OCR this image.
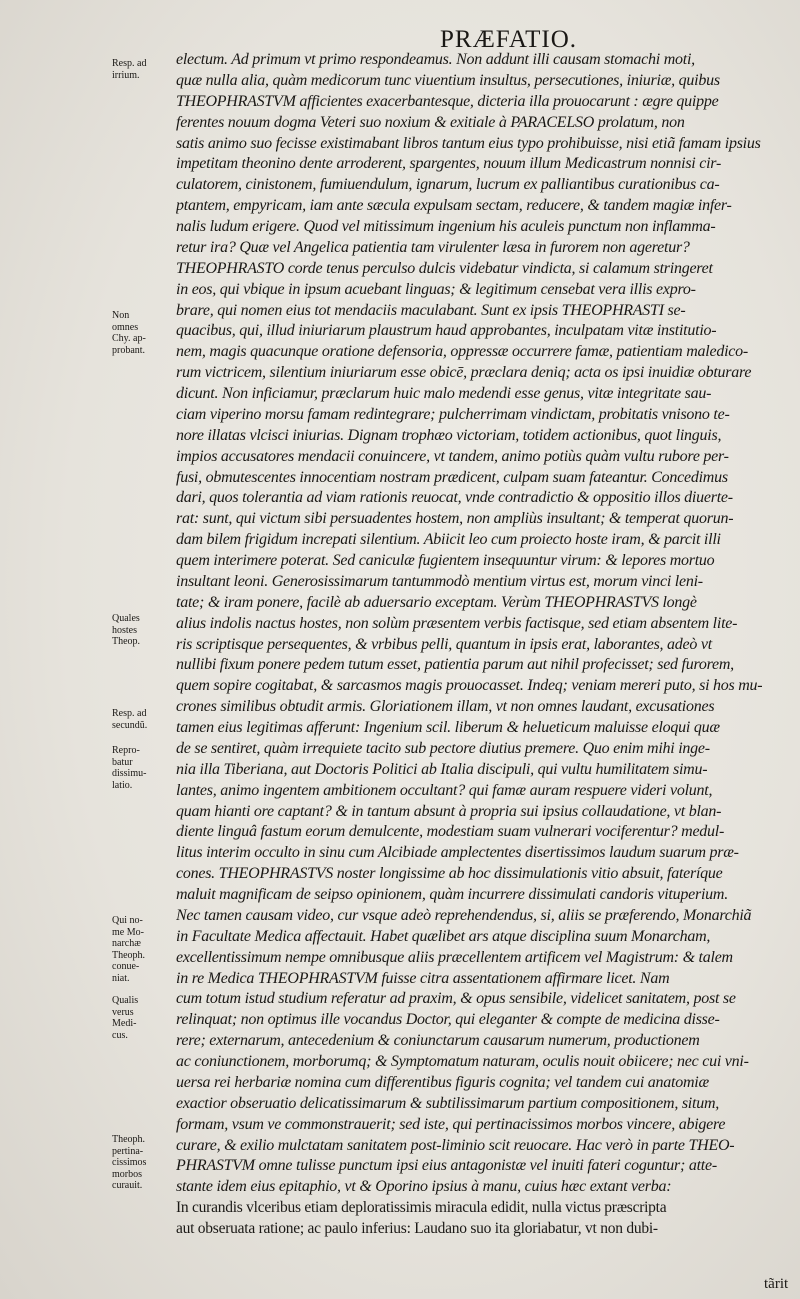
PRÆFATIO.
Resp. ad
irrium.
Non
omnes
Chy. ap-
probant.
Quales
hostes
Theop.
Resp. ad
secundũ.
Repro-
batur
dissimu-
latio.
Qui no-
me Mo-
narchæ
Theoph.
conue-
niat.
Qualis
verus
Medi-
cus.
Theoph.
pertina-
cissimos
morbos
curauit.
electum. Ad primum vt primo respondeamus. Non addunt illi causam stomachi moti,
quæ nulla alia, quàm medicorum tunc viuentium insultus, persecutiones, iniuriæ, quibus
THEOPHRASTVM afficientes exacerbantesque, dicteria illa prouocarunt : ægre quippe
ferentes nouum dogma Veteri suo noxium & exitiale à PARACELSO prolatum, non
satis animo suo fecisse existimabant libros tantum eius typo prohibuisse, nisi etiã famam ipsius
impetitam theonino dente arroderent, spargentes, nouum illum Medicastrum nonnisi cir-
culatorem, cinistonem, fumiuendulum, ignarum, lucrum ex palliantibus curationibus ca-
ptantem, empyricam, iam ante sæcula expulsam sectam, reducere, & tandem magiæ infer-
nalis ludum erigere. Quod vel mitissimum ingenium his aculeis punctum non inflamma-
retur ira? Quæ vel Angelica patientia tam virulenter læsa in furorem non ageretur?
THEOPHRASTO corde tenus perculso dulcis videbatur vindicta, si calamum stringeret
in eos, qui vbique in ipsum acuebant linguas; & legitimum censebat vera illis expro-
brare, qui nomen eius tot mendaciis maculabant. Sunt ex ipsis THEOPHRASTI se-
quacibus, qui, illud iniuriarum plaustrum haud approbantes, inculpatam vitæ institutio-
nem, magis quacunque oratione defensoria, oppressæ occurrere famæ, patientiam maledico-
rum victricem, silentium iniuriarum esse obicē, præclara deniq; acta os ipsi inuidiæ obturare
dicunt. Non inficiamur, præclarum huic malo medendi esse genus, vitæ integritate sau-
ciam viperino morsu famam redintegrare; pulcherrimam vindictam, probitatis vnisono te-
nore illatas vlcisci iniurias. Dignam trophæo victoriam, totidem actionibus, quot linguis,
impios accusatores mendacii conuincere, vt tandem, animo potiùs quàm vultu rubore per-
fusi, obmutescentes innocentiam nostram prædicent, culpam suam fateantur. Concedimus
dari, quos tolerantia ad viam rationis reuocat, vnde contradictio & oppositio illos diuerte-
rat: sunt, qui victum sibi persuadentes hostem, non ampliùs insultant; & temperat quorun-
dam bilem frigidum increpati silentium. Abiicit leo cum proiecto hoste iram, & parcit illi
quem interimere poterat. Sed caniculæ fugientem insequuntur virum: & lepores mortuo
insultant leoni. Generosissimarum tantummodò mentium virtus est, morum vinci leni-
tate; & iram ponere, facilè ab aduersario exceptam. Verùm THEOPHRASTVS longè
alius indolis nactus hostes, non solùm præsentem verbis factisque, sed etiam absentem lite-
ris scriptisque persequentes, & vrbibus pelli, quantum in ipsis erat, laborantes, adeò vt
nullibi fixum ponere pedem tutum esset, patientia parum aut nihil profecisset; sed furorem,
quem sopire cogitabat, & sarcasmos magis prouocasset. Indeq; veniam mereri puto, si hos mu-
crones similibus obtudit armis. Gloriationem illam, vt non omnes laudant, excusationes
tamen eius legitimas afferunt: Ingenium scil. liberum & helueticum maluisse eloqui quæ
de se sentiret, quàm irrequiete tacito sub pectore diutius premere. Quo enim mihi inge-
nia illa Tiberiana, aut Doctoris Politici ab Italia discipuli, qui vultu humilitatem simu-
lantes, animo ingentem ambitionem occultant? qui famæ auram respuere videri volunt,
quam hianti ore captant? & in tantum absunt à propria sui ipsius collaudatione, vt blan-
diente linguâ fastum eorum demulcente, modestiam suam vulnerari vociferentur? medul-
litus interim occulto in sinu cum Alcibiade amplectentes disertissimos laudum suarum præ-
cones. THEOPHRASTVS noster longissime ab hoc dissimulationis vitio absuit, fateríque
maluit magnificam de seipso opinionem, quàm incurrere dissimulati candoris vituperium.
Nec tamen causam video, cur vsque adeò reprehendendus, si, aliis se præferendo, Monarchiã
in Facultate Medica affectauit. Habet quælibet ars atque disciplina suum Monarcham,
excellentissimum nempe omnibusque aliis præcellentem artificem vel Magistrum: & talem
in re Medica THEOPHRASTVM fuisse citra assentationem affirmare licet. Nam
cum totum istud studium referatur ad praxim, & opus sensibile, videlicet sanitatem, post se
relinquat; non optimus ille vocandus Doctor, qui eleganter & compte de medicina disse-
rere; externarum, antecedenium & coniunctarum causarum numerum, productionem
ac coniunctionem, morborumq; & Symptomatum naturam, oculis nouit obiicere; nec cui vni-
uersa rei herbariæ nomina cum differentibus figuris cognita; vel tandem cui anatomiæ
exactior obseruatio delicatissimarum & subtilissimarum partium compositionem, situm,
formam, vsum ve commonstrauerit; sed iste, qui pertinacissimos morbos vincere, abigere
curare, & exilio mulctatam sanitatem post-liminio scit reuocare. Hac verò in parte THEO-
PHRASTVM omne tulisse punctum ipsi eius antagonistæ vel inuiti fateri coguntur; atte-
stante idem eius epitaphio, vt & Oporino ipsius à manu, cuius hæc extant verba:
In curandis vlceribus etiam deploratissimis miracula edidit, nulla victus præscripta
aut obseruata ratione; ac paulo inferius: Laudano suo ita gloriabatur, vt non dubi-
tãrit
